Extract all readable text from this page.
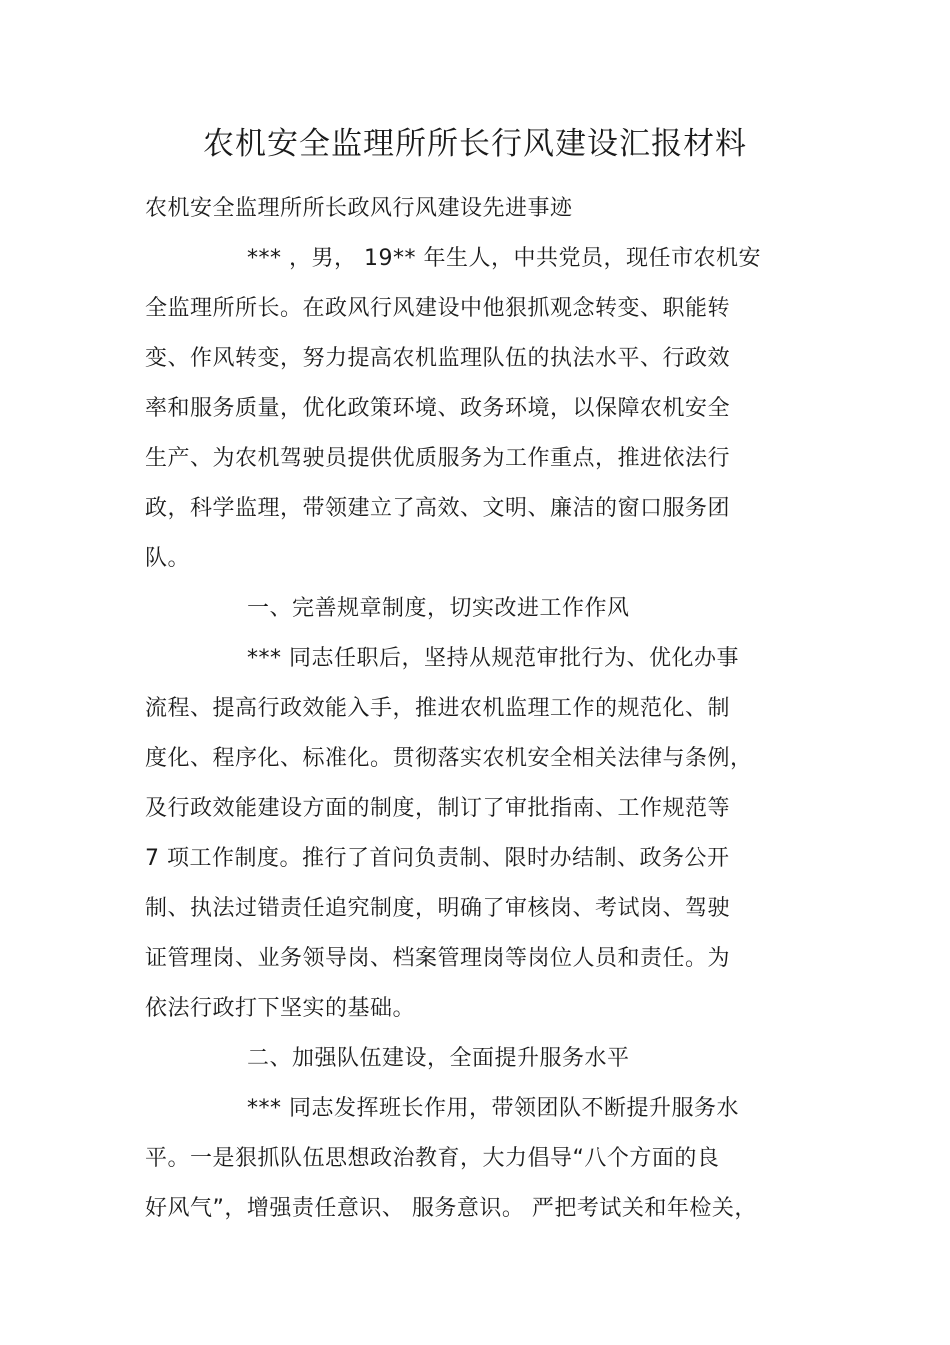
农机安全监理所所长行风建设汇报材料
农机安全监理所所长政风行风建设先进事迹
*** ，男， 19** 年生人，中共党员，现任市农机安
全监理所所长。在政风行风建设中他狠抓观念转变、职能转
变、作风转变，努力提高农机监理队伍的执法水平、行政效
率和服务质量，优化政策环境、政务环境，以保障农机安全
生产、为农机驾驶员提供优质服务为工作重点，推进依法行
政，科学监理，带领建立了高效、文明、廉洁的窗口服务团
队。
一、完善规章制度，切实改进工作作风
*** 同志任职后，坚持从规范审批行为、优化办事
流程、提高行政效能入手，推进农机监理工作的规范化、制
度化、程序化、标准化。贯彻落实农机安全相关法律与条例，
及行政效能建设方面的制度，制订了审批指南、工作规范等
7 项工作制度。推行了首问负责制、限时办结制、政务公开
制、执法过错责任追究制度，明确了审核岗、考试岗、驾驶
证管理岗、业务领导岗、档案管理岗等岗位人员和责任。为
依法行政打下坚实的基础。
二、加强队伍建设，全面提升服务水平
*** 同志发挥班长作用，带领团队不断提升服务水
平。一是狠抓队伍思想政治教育，大力倡导“八个方面的良
好风气”，增强责任意识、 服务意识。 严把考试关和年检关，
